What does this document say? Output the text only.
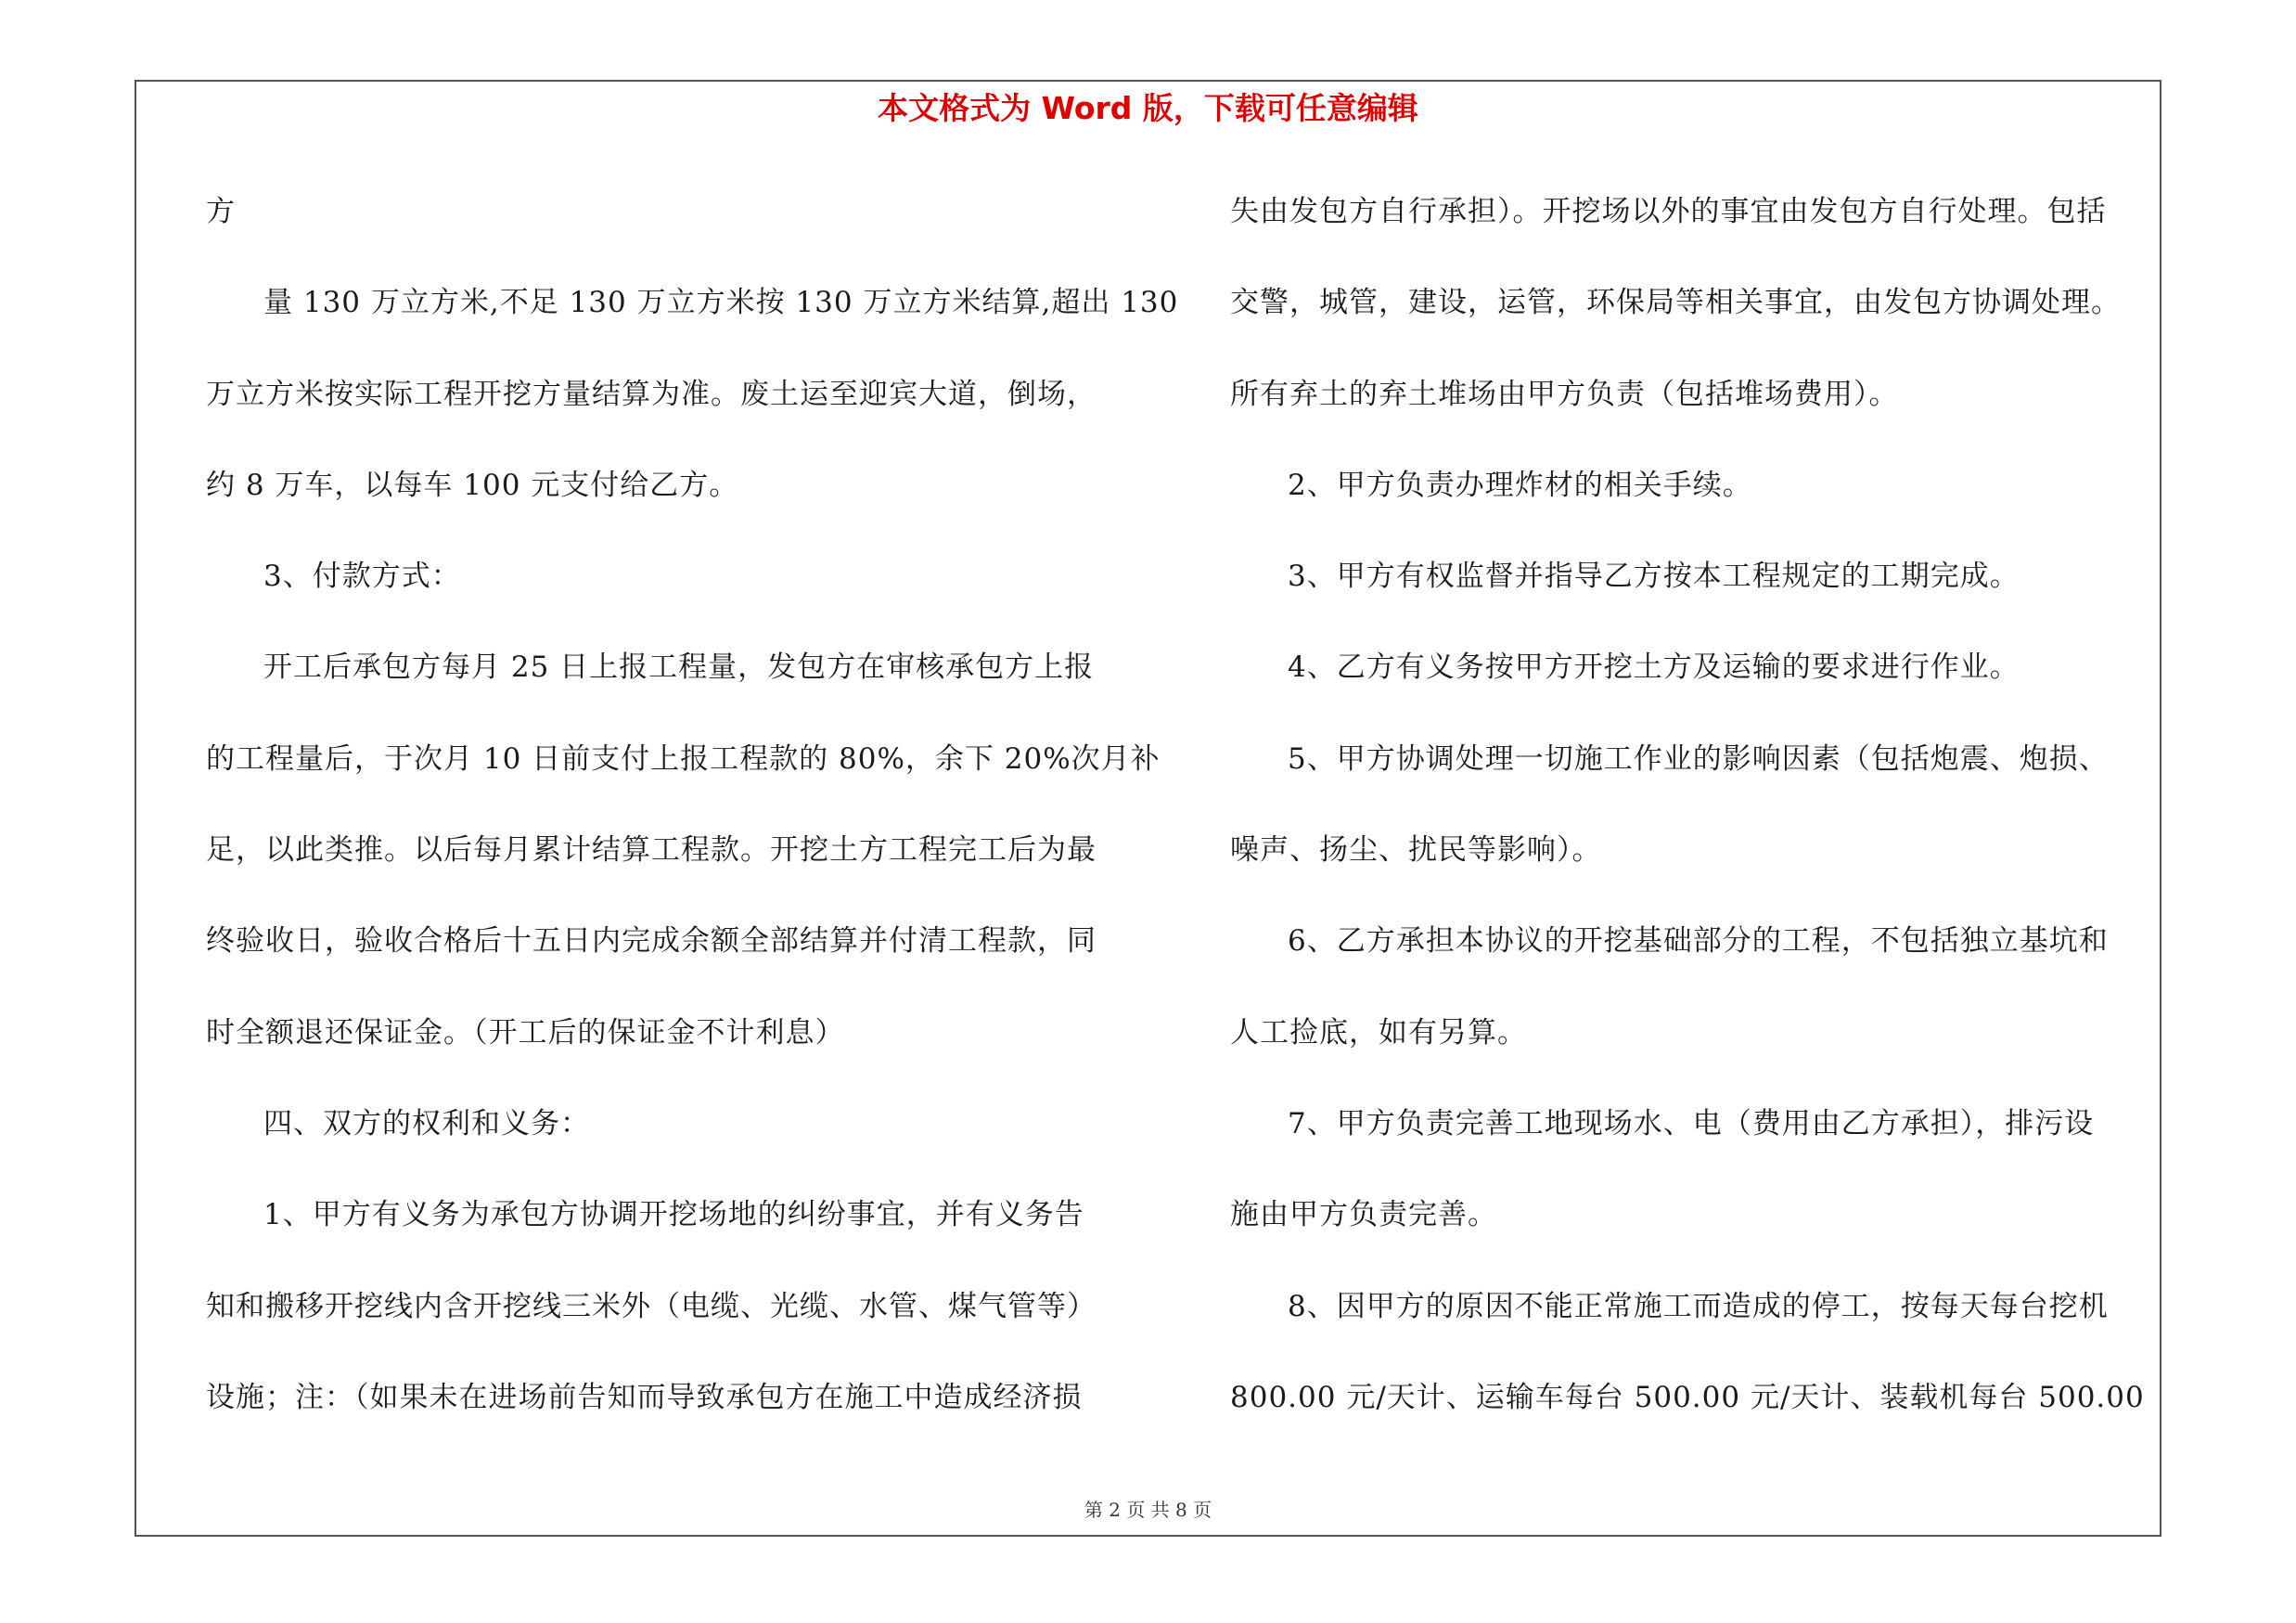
本文格式为 Word 版，下载可任意编辑
方
量 130 万立方米,不足 130 万立方米按 130 万立方米结算,超出 130
万立方米按实际工程开挖方量结算为准。废土运至迎宾大道，倒场，
约 8 万车，以每车 100 元支付给乙方。
3、付款方式：
开工后承包方每月 25 日上报工程量，发包方在审核承包方上报
的工程量后，于次月 10 日前支付上报工程款的 80%，余下 20%次月补
足，以此类推。以后每月累计结算工程款。开挖土方工程完工后为最
终验收日，验收合格后十五日内完成余额全部结算并付清工程款，同
时全额退还保证金。（开工后的保证金不计利息）
四、双方的权利和义务：
1、甲方有义务为承包方协调开挖场地的纠纷事宜，并有义务告
知和搬移开挖线内含开挖线三米外（电缆、光缆、水管、煤气管等）
设施；注：（如果未在进场前告知而导致承包方在施工中造成经济损
失由发包方自行承担）。开挖场以外的事宜由发包方自行处理。包括
交警，城管，建设，运管，环保局等相关事宜，由发包方协调处理。
所有弃土的弃土堆场由甲方负责（包括堆场费用）。
2、甲方负责办理炸材的相关手续。
3、甲方有权监督并指导乙方按本工程规定的工期完成。
4、乙方有义务按甲方开挖土方及运输的要求进行作业。
5、甲方协调处理一切施工作业的影响因素（包括炮震、炮损、
噪声、扬尘、扰民等影响）。
6、乙方承担本协议的开挖基础部分的工程，不包括独立基坑和
人工捡底，如有另算。
7、甲方负责完善工地现场水、电（费用由乙方承担），排污设
施由甲方负责完善。
8、因甲方的原因不能正常施工而造成的停工，按每天每台挖机
800.00 元/天计、运输车每台 500.00 元/天计、装载机每台 500.00
第 2 页 共 8 页
